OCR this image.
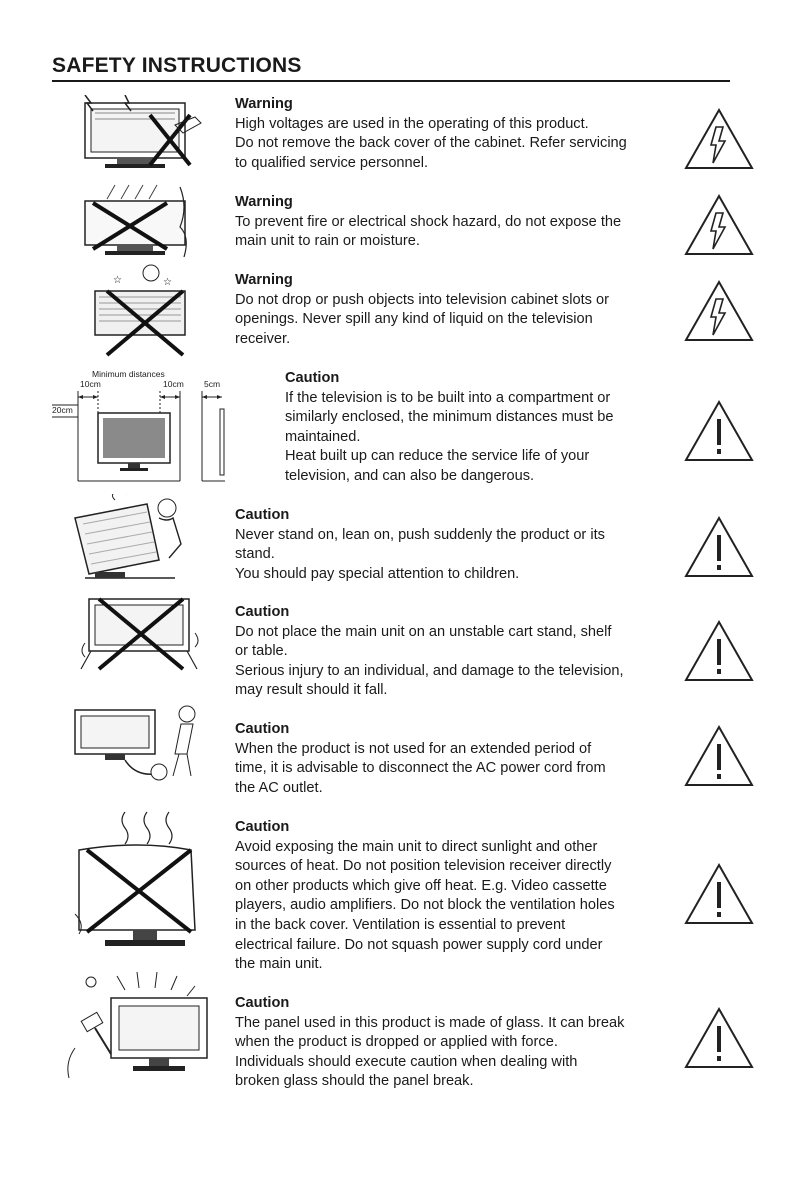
SAFETY INSTRUCTIONS
Warning
High voltages are used in the operating of this product.
Do not remove the back cover of the cabinet. Refer servicing
to qualified service personnel.
Warning
To prevent fire or electrical shock hazard, do not expose the
main unit to rain or moisture.
☆	☆	Warning
Do not drop or push objects into television cabinet slots or
openings. Never spill any kind of liquid on the television
receiver.
Minimum distances
10cm	10cm 5cm
20cm
Caution
If the television is to be built into a compartment or
similarly enclosed, the minimum distances must be
maintained.
Heat built up can reduce the service life of your
television, and can also be dangerous.
Caution
Never stand on, lean on, push suddenly the product or its
stand.
You should pay special attention to children.
Caution
Do not place the main unit on an unstable cart stand, shelf
or table.
Serious injury to an individual, and damage to the television,
may result should it fall.
Caution
When the product is not used for an extended period of
time, it is advisable to disconnect the AC power cord from
the AC outlet.
Caution
Avoid exposing the main unit to direct sunlight and other
sources of heat. Do not position television receiver directly
on other products which give off heat. E.g. Video cassette
players, audio amplifiers. Do not block the ventilation holes
in the back cover. Ventilation is essential to prevent
electrical failure. Do not squash power supply cord under
the main unit.
Caution
The panel used in this product is made of glass. It can break
when the product is dropped or applied with force.
Individuals should execute caution when dealing with
broken glass should the panel break.
